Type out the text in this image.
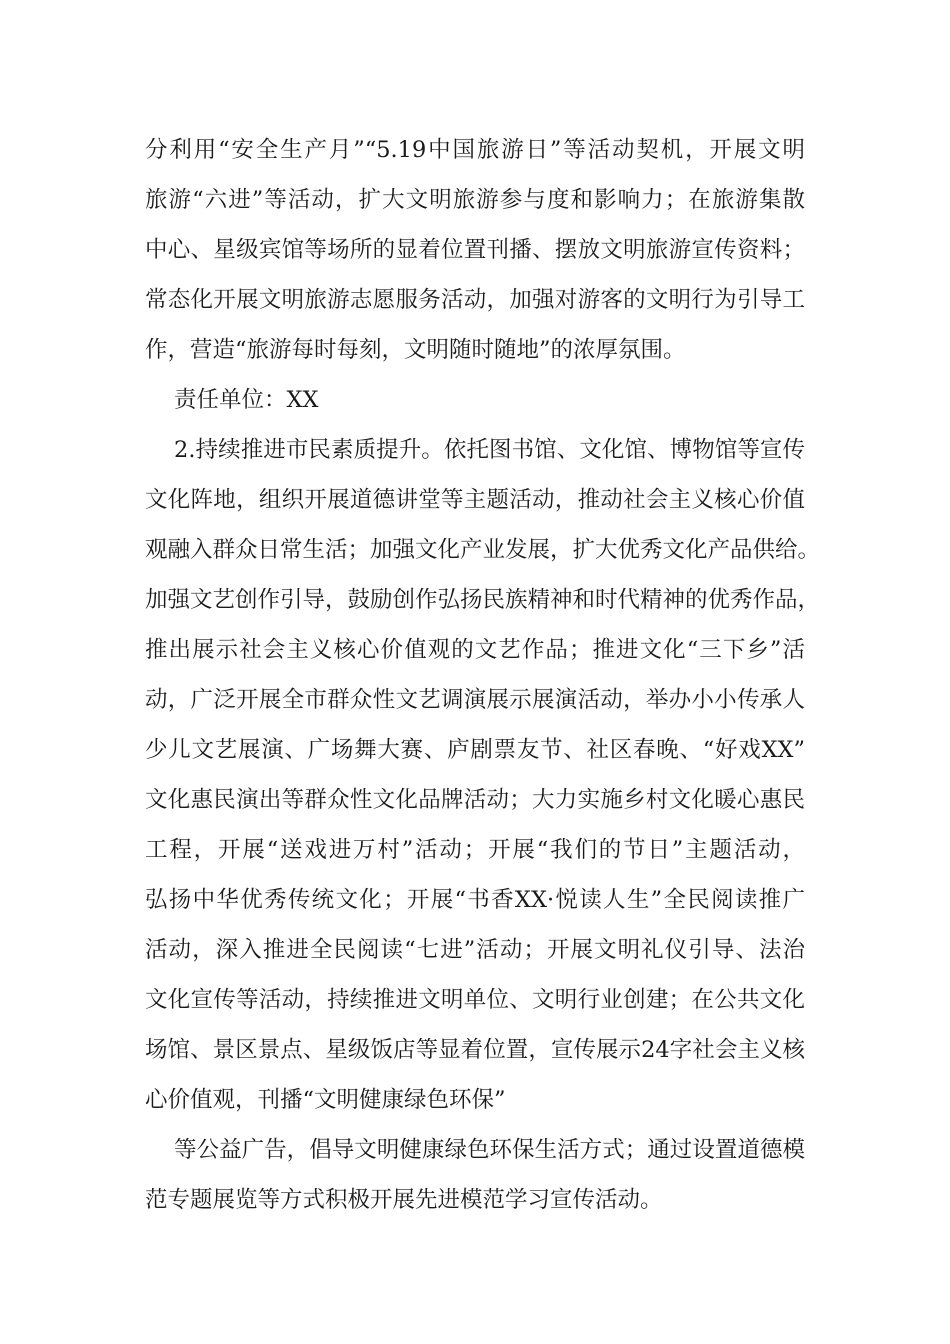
分利用“安全生产月”“5.19中国旅游日”等活动契机，开展文明

旅游“六进”等活动，扩大文明旅游参与度和影响力；在旅游集散

中心、星级宾馆等场所的显着位置刊播、摆放文明旅游宣传资料；

常态化开展文明旅游志愿服务活动，加强对游客的文明行为引导工

作，营造“旅游每时每刻，文明随时随地”的浓厚氛围。

责任单位：XX

2.持续推进市民素质提升。依托图书馆、文化馆、博物馆等宣传

文化阵地，组织开展道德讲堂等主题活动，推动社会主义核心价值

观融入群众日常生活；加强文化产业发展，扩大优秀文化产品供给。

加强文艺创作引导，鼓励创作弘扬民族精神和时代精神的优秀作品，

推出展示社会主义核心价值观的文艺作品；推进文化“三下乡”活

动，广泛开展全市群众性文艺调演展示展演活动，举办小小传承人

少儿文艺展演、广场舞大赛、庐剧票友节、社区春晚、“好戏XX”

文化惠民演出等群众性文化品牌活动；大力实施乡村文化暖心惠民

工程，开展“送戏进万村”活动；开展“我们的节日”主题活动，

弘扬中华优秀传统文化；开展“书香XX·悦读人生”全民阅读推广

活动，深入推进全民阅读“七进”活动；开展文明礼仪引导、法治

文化宣传等活动，持续推进文明单位、文明行业创建；在公共文化

场馆、景区景点、星级饭店等显着位置，宣传展示24字社会主义核

心价值观，刊播“文明健康绿色环保”

等公益广告，倡导文明健康绿色环保生活方式；通过设置道德模

范专题展览等方式积极开展先进模范学习宣传活动。
